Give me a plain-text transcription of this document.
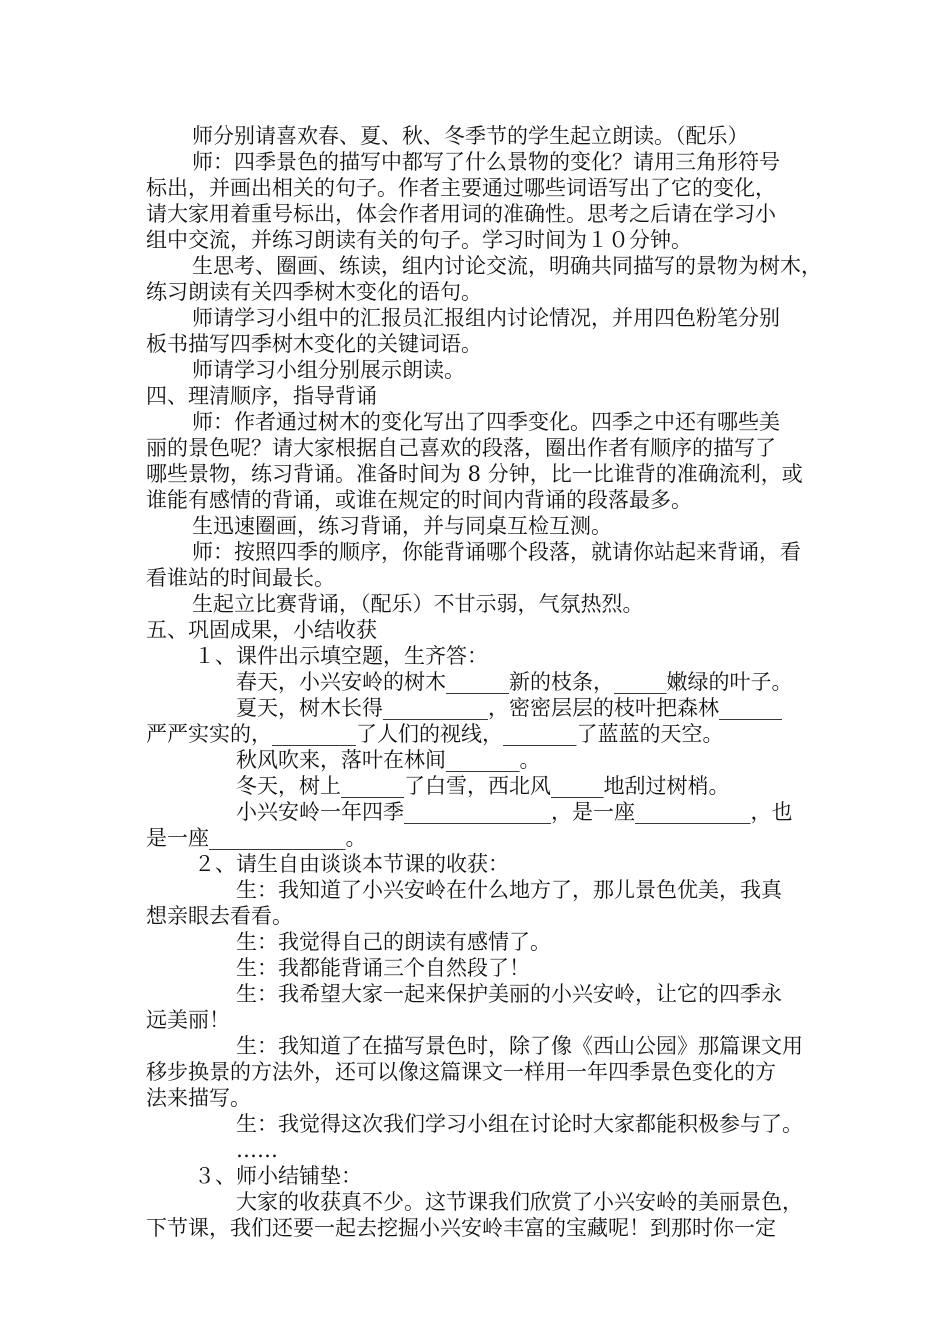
师分别请喜欢春、夏、秋、冬季节的学生起立朗读。（配乐）
师：四季景色的描写中都写了什么景物的变化？请用三角形符号
标出，并画出相关的句子。作者主要通过哪些词语写出了它的变化，
请大家用着重号标出，体会作者用词的准确性。思考之后请在学习小
组中交流，并练习朗读有关的句子。学习时间为１０分钟。
生思考、圈画、练读，组内讨论交流，明确共同描写的景物为树木，
练习朗读有关四季树木变化的语句。
师请学习小组中的汇报员汇报组内讨论情况，并用四色粉笔分别
板书描写四季树木变化的关键词语。
师请学习小组分别展示朗读。
四、理清顺序，指导背诵
师：作者通过树木的变化写出了四季变化。四季之中还有哪些美
丽的景色呢？请大家根据自己喜欢的段落，圈出作者有顺序的描写了
哪些景物，练习背诵。准备时间为 8 分钟，比一比谁背的准确流利，或
谁能有感情的背诵，或谁在规定的时间内背诵的段落最多。
生迅速圈画，练习背诵，并与同桌互检互测。
师：按照四季的顺序，你能背诵哪个段落，就请你站起来背诵，看
看谁站的时间最长。
生起立比赛背诵，（配乐）不甘示弱，气氛热烈。
五、巩固成果，小结收获
１、课件出示填空题，生齐答：
春天，小兴安岭的树木______新的枝条，_____嫩绿的叶子。
夏天，树木长得__________，密密层层的枝叶把森林______
严严实实的，________了人们的视线，_______了蓝蓝的天空。
秋风吹来，落叶在林间_______。
冬天，树上______了白雪，西北风_____地刮过树梢。
小兴安岭一年四季______________，是一座___________，也
是一座_____________。
２、请生自由谈谈本节课的收获：
生：我知道了小兴安岭在什么地方了，那儿景色优美，我真
想亲眼去看看。
生：我觉得自己的朗读有感情了。
生：我都能背诵三个自然段了！
生：我希望大家一起来保护美丽的小兴安岭，让它的四季永
远美丽！
生：我知道了在描写景色时，除了像《西山公园》那篇课文用
移步换景的方法外，还可以像这篇课文一样用一年四季景色变化的方
法来描写。
生：我觉得这次我们学习小组在讨论时大家都能积极参与了。
……
３、师小结铺垫：
大家的收获真不少。这节课我们欣赏了小兴安岭的美丽景色，
下节课，我们还要一起去挖掘小兴安岭丰富的宝藏呢！到那时你一定
